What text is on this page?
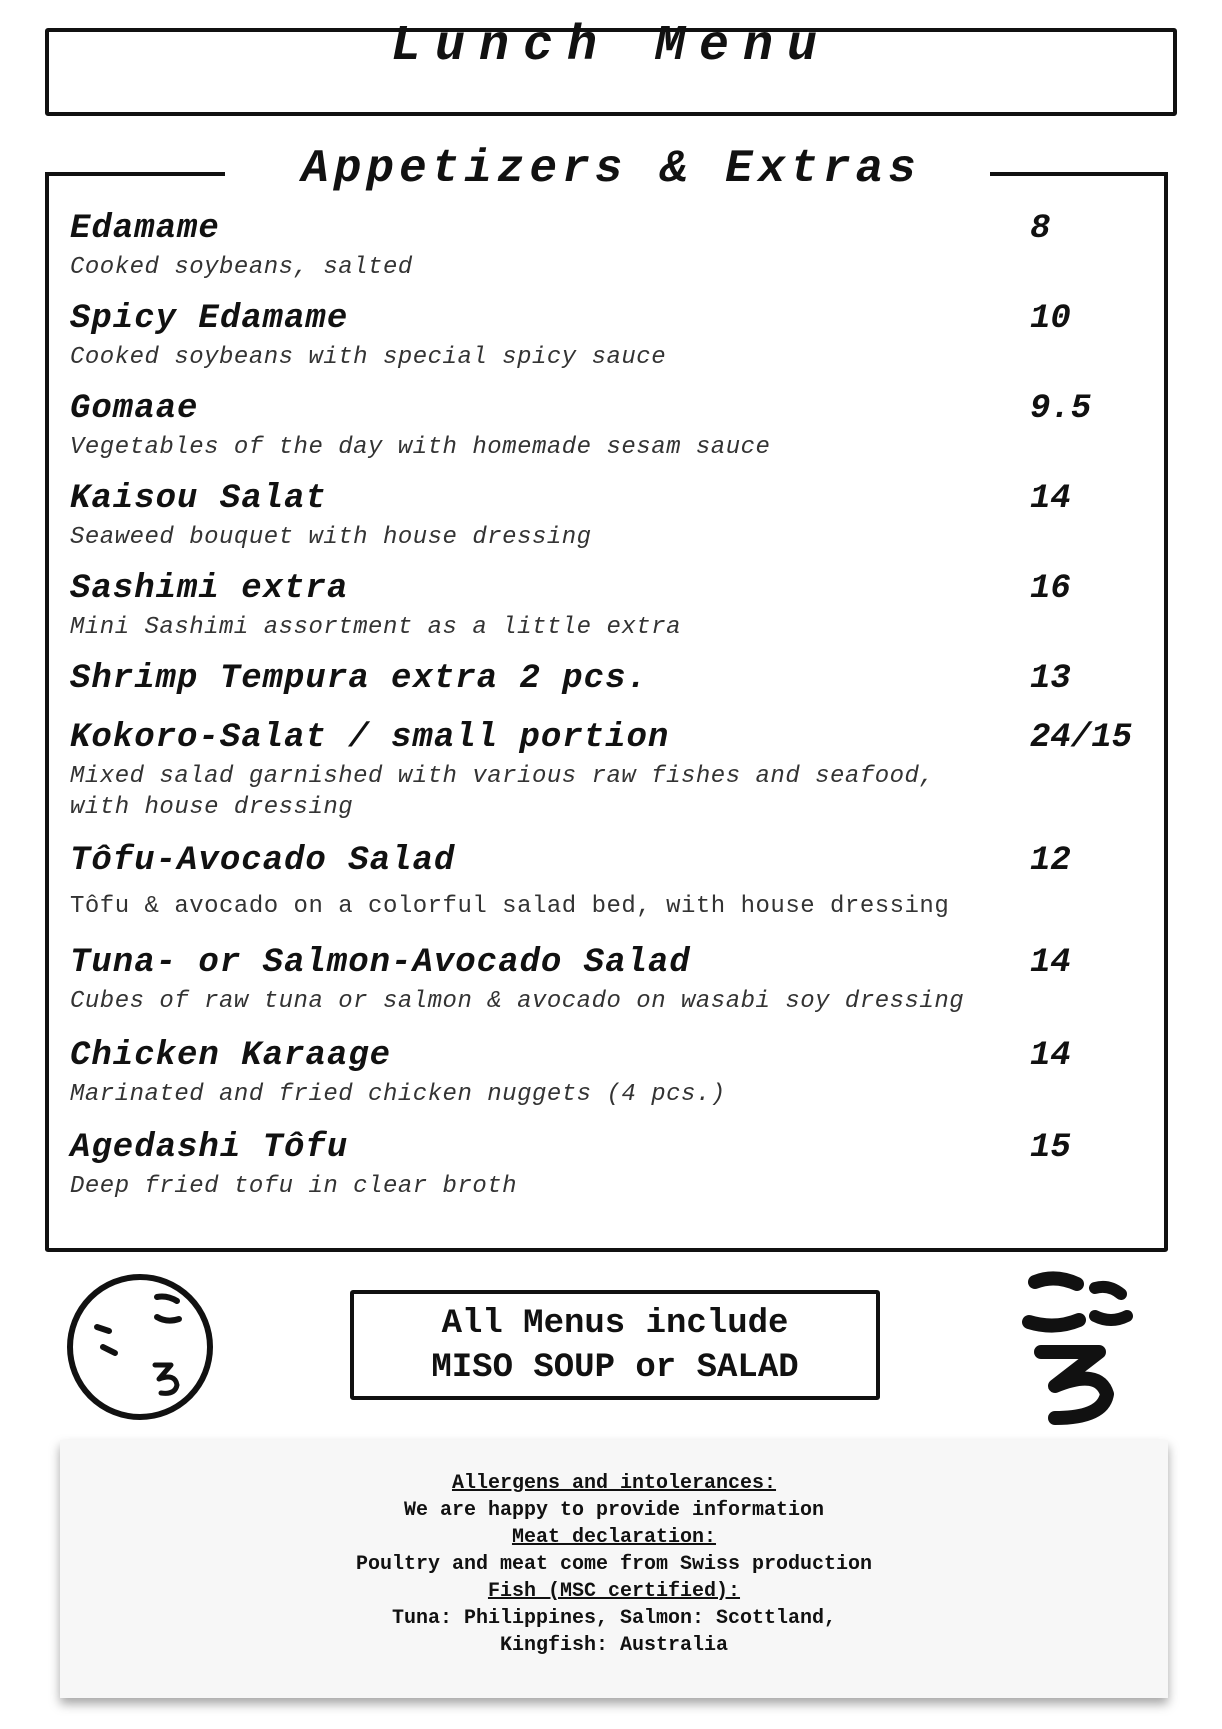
Lunch Menu
Appetizers & Extras
Edamame	8
Cooked soybeans, salted
Spicy Edamame	10
Cooked soybeans with special spicy sauce
Gomaae	9.5
Vegetables of the day with homemade sesam sauce
Kaisou Salat	14
Seaweed bouquet with house dressing
Sashimi extra	16
Mini Sashimi assortment as a little extra
Shrimp Tempura extra 2 pcs.	13
Kokoro-Salat / small portion	24/15
Mixed salad garnished with various raw fishes and seafood, with house dressing
Tôfu-Avocado Salad	12
Tôfu & avocado on a colorful salad bed, with house dressing
Tuna- or Salmon-Avocado Salad	14
Cubes of raw tuna or salmon & avocado on wasabi soy dressing
Chicken Karaage	14
Marinated and fried chicken nuggets (4 pcs.)
Agedashi Tôfu	15
Deep fried tofu in clear broth
All Menus include
MISO SOUP or SALAD
Allergens and intolerances:
We are happy to provide information
Meat declaration:
Poultry and meat come from Swiss production
Fish (MSC certified):
Tuna: Philippines, Salmon: Scottland,
Kingfish: Australia
